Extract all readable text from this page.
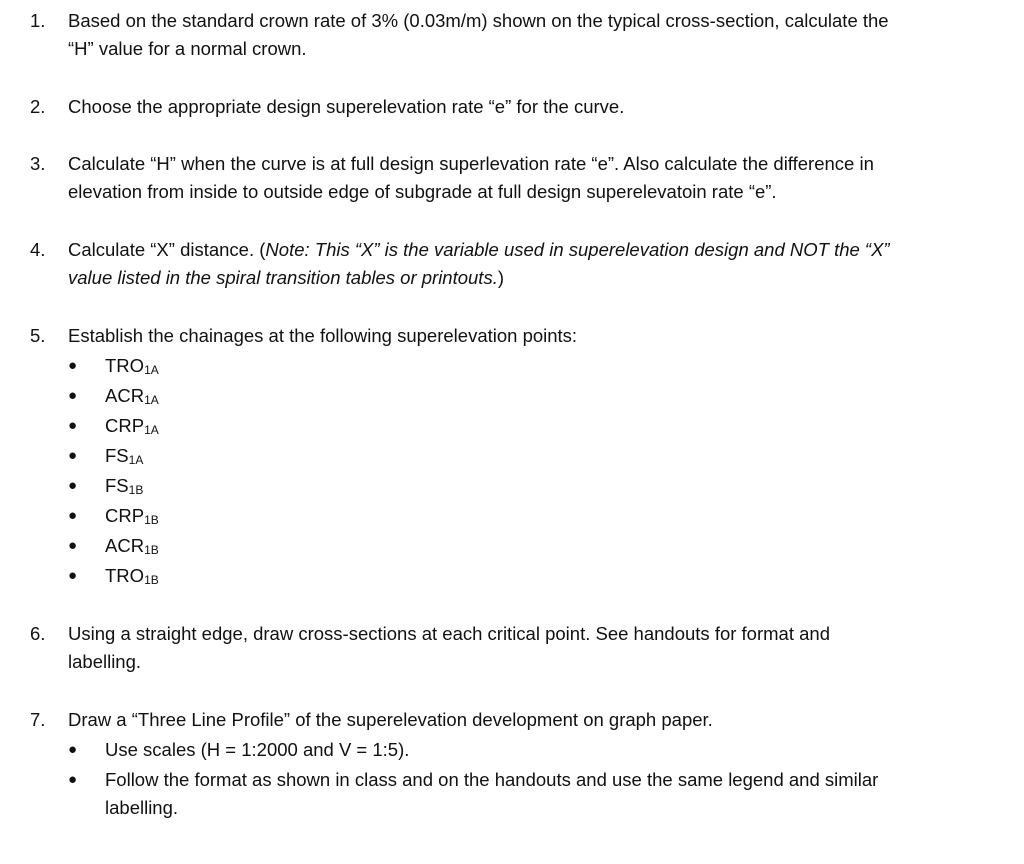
1.	Based on the standard crown rate of 3% (0.03m/m) shown on the typical cross-section, calculate the
“H” value for a normal crown.
2.	Choose the appropriate design superelevation rate “e” for the curve.
3.	Calculate “H” when the curve is at full design superlevation rate “e”. Also calculate the difference in
elevation from inside to outside edge of subgrade at full design superelevatoin rate “e”.
4.	Calculate “X” distance. (Note: This “X” is the variable used in superelevation design and NOT the “X”
value listed in the spiral transition tables or printouts.)
5.	Establish the chainages at the following superelevation points:
● $TRO_{1A}$
● $ACR_{1A}$
● $CRP_{1A}$
● $FS_{1A}$
● $FS_{1B}$
● $CRP_{1B}$
● $ACR_{1B}$
● $TRO_{1B}$
6.	Using a straight edge, draw cross-sections at each critical point. See handouts for format and
labelling.
7.	Draw a “Three Line Profile” of the superelevation development on graph paper.
● Use scales (H = 1:2000 and V = 1:5).
● Follow the format as shown in class and on the handouts and use the same legend and similar
labelling.
